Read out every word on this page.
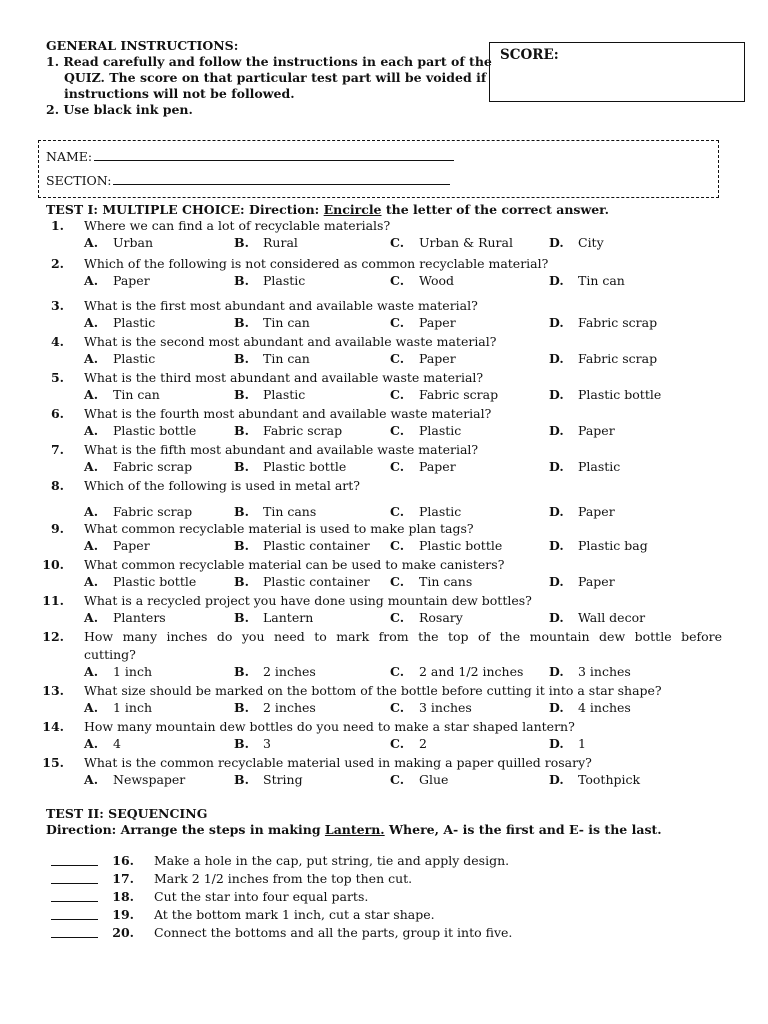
GENERAL INSTRUCTIONS:
1. Read carefully and follow the instructions in each part of the
QUIZ. The score on that particular test part will be voided if
instructions will not be followed.
2. Use black ink pen.
SCORE:
NAME:
SECTION:
TEST I: MULTIPLE CHOICE: Direction: Encircle the letter of the correct answer.
1. Where we can find a lot of recyclable materials?
A. Urban	B. Rural	C. Urban & Rural	D. City
2. Which of the following is not considered as common recyclable material?
A. Paper	B. Plastic	C. Wood	D. Tin can
3. What is the first most abundant and available waste material?
A. Plastic	B. Tin can	C. Paper	D. Fabric scrap
4. What is the second most abundant and available waste material?
A. Plastic	B. Tin can	C. Paper	D. Fabric scrap
5. What is the third most abundant and available waste material?
A. Tin can	B. Plastic	C. Fabric scrap	D. Plastic bottle
6. What is the fourth most abundant and available waste material?
A. Plastic bottle	B. Fabric scrap	C. Plastic	D. Paper
7. What is the fifth most abundant and available waste material?
A. Fabric scrap	B. Plastic bottle	C. Paper	D. Plastic
8. Which of the following is used in metal art?
A. Fabric scrap	B. Tin cans	C. Plastic	D. Paper
9. What common recyclable material is used to make plan tags?
A. Paper	B. Plastic container C. Plastic bottle	D. Plastic bag
10. What common recyclable material can be used to make canisters?
A. Plastic bottle	B. Plastic container C. Tin cans	D. Paper
11. What is a recycled project you have done using mountain dew bottles?
A. Planters	B. Lantern	C. Rosary	D. Wall decor
12. How many inches do you need to mark from the top of the mountain dew bottle before
cutting?
A. 1 inch	B. 2 inches	C. 2 and 1/2 inches D. 3 inches
13. What size should be marked on the bottom of the bottle before cutting it into a star shape?
A. 1 inch	B. 2 inches	C. 3 inches	D. 4 inches
14. How many mountain dew bottles do you need to make a star shaped lantern?
A. 4	B. 3	C. 2	D. 1
15. What is the common recyclable material used in making a paper quilled rosary?
A. Newspaper	B. String	C. Glue	D. Toothpick
TEST II: SEQUENCING
Direction: Arrange the steps in making Lantern. Where, A- is the first and E- is the last.
16. Make a hole in the cap, put string, tie and apply design.
17. Mark 2 1/2 inches from the top then cut.
18. Cut the star into four equal parts.
19. At the bottom mark 1 inch, cut a star shape.
20. Connect the bottoms and all the parts, group it into five.
